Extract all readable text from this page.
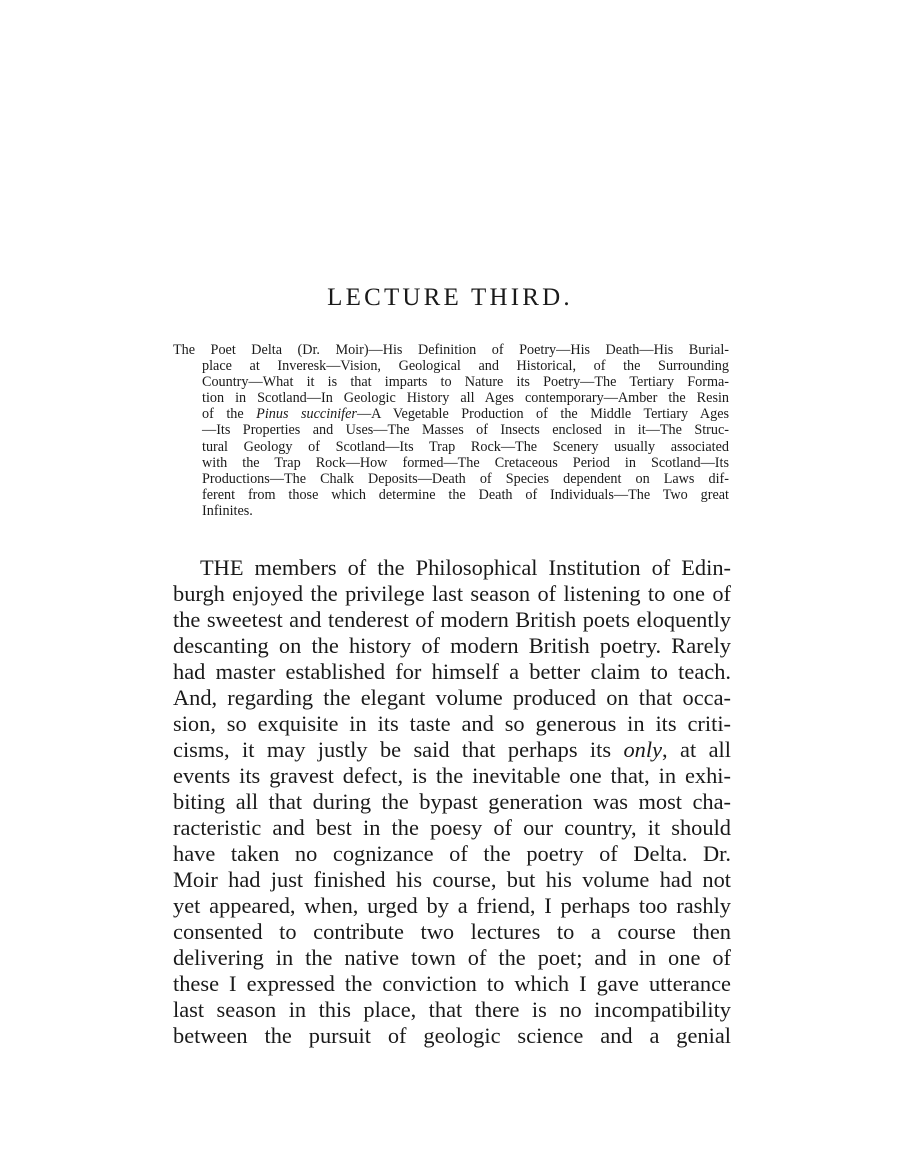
LECTURE THIRD.
The Poet Delta (Dr. Moir)—His Definition of Poetry—His Death—His Burial-
place at Inveresk—Vision, Geological and Historical, of the Surrounding
Country—What it is that imparts to Nature its Poetry—The Tertiary Forma-
tion in Scotland—In Geologic History all Ages contemporary—Amber the Resin
of the Pinus succinifer—A Vegetable Production of the Middle Tertiary Ages
—Its Properties and Uses—The Masses of Insects enclosed in it—The Struc-
tural Geology of Scotland—Its Trap Rock—The Scenery usually associated
with the Trap Rock—How formed—The Cretaceous Period in Scotland—Its
Productions—The Chalk Deposits—Death of Species dependent on Laws dif-
ferent from those which determine the Death of Individuals—The Two great
Infinites.
THE members of the Philosophical Institution of Edin-
burgh enjoyed the privilege last season of listening to one of
the sweetest and tenderest of modern British poets eloquently
descanting on the history of modern British poetry. Rarely
had master established for himself a better claim to teach.
And, regarding the elegant volume produced on that occa-
sion, so exquisite in its taste and so generous in its criti-
cisms, it may justly be said that perhaps its only, at all
events its gravest defect, is the inevitable one that, in exhi-
biting all that during the bypast generation was most cha-
racteristic and best in the poesy of our country, it should
have taken no cognizance of the poetry of Delta. Dr.
Moir had just finished his course, but his volume had not
yet appeared, when, urged by a friend, I perhaps too rashly
consented to contribute two lectures to a course then
delivering in the native town of the poet; and in one of
these I expressed the conviction to which I gave utterance
last season in this place, that there is no incompatibility
between the pursuit of geologic science and a genial
